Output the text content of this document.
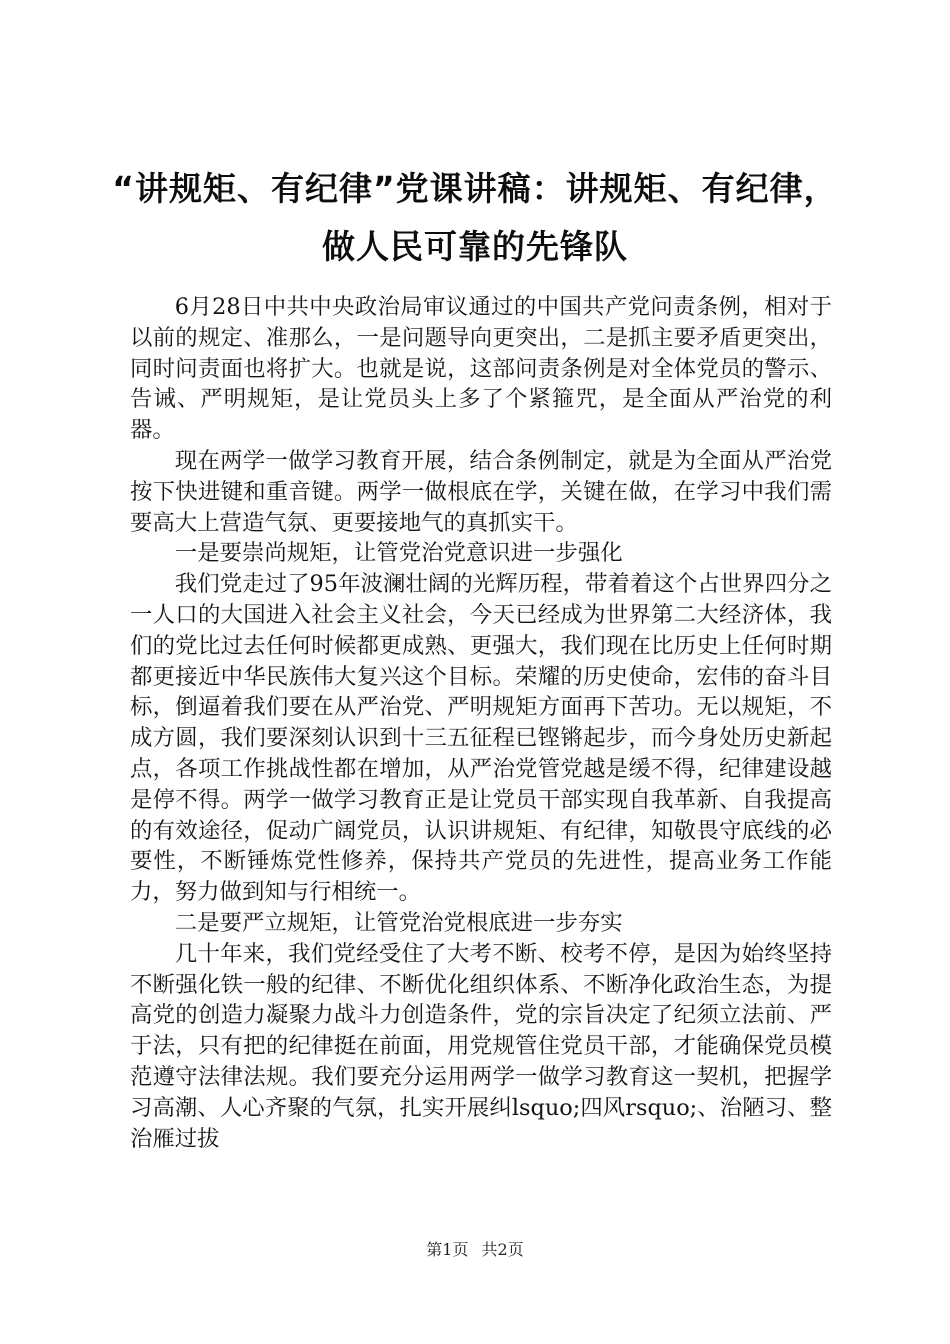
“讲规矩、有纪律”党课讲稿：讲规矩、有纪律，做人民可靠的先锋队

6月28日中共中央政治局审议通过的中国共产党问责条例，相对于以前的规定、准那么，一是问题导向更突出，二是抓主要矛盾更突出，同时问责面也将扩大。也就是说，这部问责条例是对全体党员的警示、告诫、严明规矩，是让党员头上多了个紧箍咒，是全面从严治党的利器。

现在两学一做学习教育开展，结合条例制定，就是为全面从严治党按下快进键和重音键。两学一做根底在学，关键在做，在学习中我们需要高大上营造气氛、更要接地气的真抓实干。

一是要崇尚规矩，让管党治党意识进一步强化

我们党走过了95年波澜壮阔的光辉历程，带着着这个占世界四分之一人口的大国进入社会主义社会，今天已经成为世界第二大经济体，我们的党比过去任何时候都更成熟、更强大，我们现在比历史上任何时期都更接近中华民族伟大复兴这个目标。荣耀的历史使命，宏伟的奋斗目标，倒逼着我们要在从严治党、严明规矩方面再下苦功。无以规矩，不成方圆，我们要深刻认识到十三五征程已铿锵起步，而今身处历史新起点，各项工作挑战性都在增加，从严治党管党越是缓不得，纪律建设越是停不得。两学一做学习教育正是让党员干部实现自我革新、自我提高的有效途径，促动广阔党员，认识讲规矩、有纪律，知敬畏守底线的必要性，不断锤炼党性修养，保持共产党员的先进性，提高业务工作能力，努力做到知与行相统一。

二是要严立规矩，让管党治党根底进一步夯实

几十年来，我们党经受住了大考不断、校考不停，是因为始终坚持不断强化铁一般的纪律、不断优化组织体系、不断净化政治生态，为提高党的创造力凝聚力战斗力创造条件，党的宗旨决定了纪须立法前、严于法，只有把的纪律挺在前面，用党规管住党员干部，才能确保党员模范遵守法律法规。我们要充分运用两学一做学习教育这一契机，把握学习高潮、人心齐聚的气氛，扎实开展纠lsquo;四风rsquo;、治陋习、整治雁过拔

第1页 共2页
